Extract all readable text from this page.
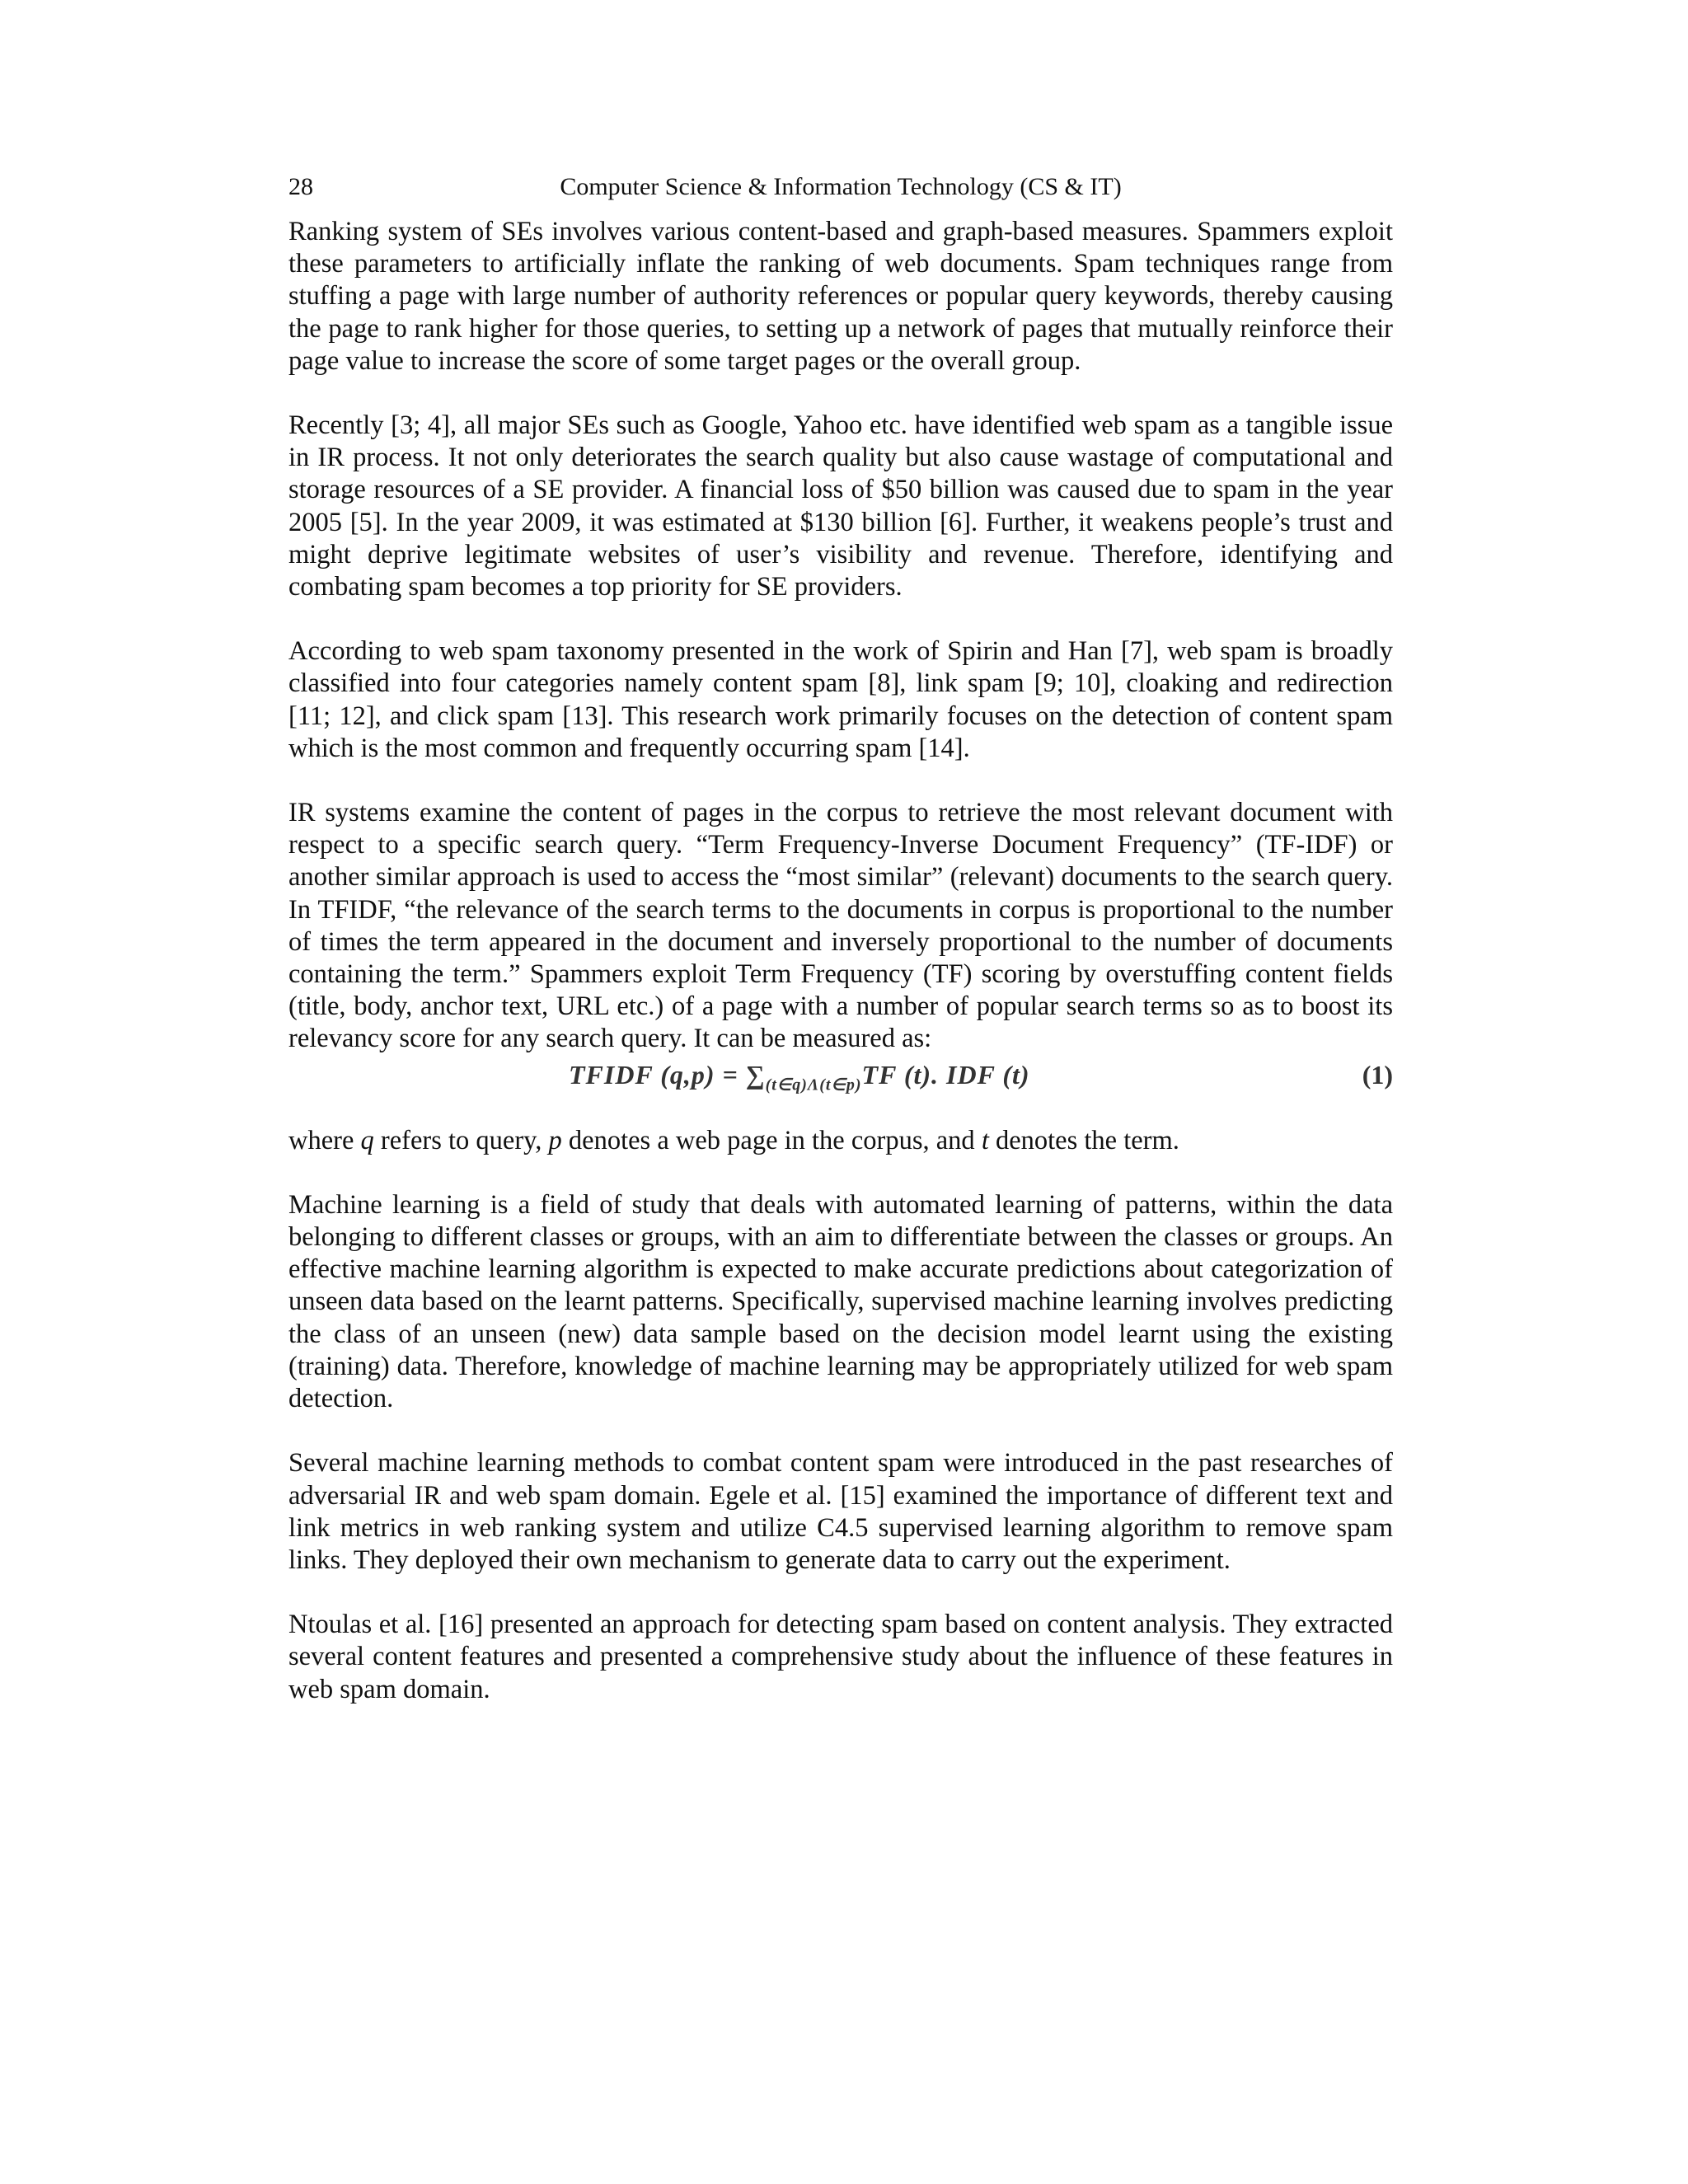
28	Computer Science & Information Technology (CS & IT)

Ranking system of SEs involves various content-based and graph-based measures. Spammers exploit these parameters to artificially inflate the ranking of web documents. Spam techniques range from stuffing a page with large number of authority references or popular query keywords, thereby causing the page to rank higher for those queries, to setting up a network of pages that mutually reinforce their page value to increase the score of some target pages or the overall group.

Recently [3; 4], all major SEs such as Google, Yahoo etc. have identified web spam as a tangible issue in IR process. It not only deteriorates the search quality but also cause wastage of computational and storage resources of a SE provider. A financial loss of $50 billion was caused due to spam in the year 2005 [5]. In the year 2009, it was estimated at $130 billion [6]. Further, it weakens people’s trust and might deprive legitimate websites of user’s visibility and revenue. Therefore, identifying and combating spam becomes a top priority for SE providers.

According to web spam taxonomy presented in the work of Spirin and Han [7], web spam is broadly classified into four categories namely content spam [8], link spam [9; 10], cloaking and redirection [11; 12], and click spam [13]. This research work primarily focuses on the detection of content spam which is the most common and frequently occurring spam [14].

IR systems examine the content of pages in the corpus to retrieve the most relevant document with respect to a specific search query. “Term Frequency-Inverse Document Frequency” (TF-IDF) or another similar approach is used to access the “most similar” (relevant) documents to the search query. In TFIDF, “the relevance of the search terms to the documents in corpus is proportional to the number of times the term appeared in the document and inversely proportional to the number of documents containing the term.” Spammers exploit Term Frequency (TF) scoring by overstuffing content fields (title, body, anchor text, URL etc.) of a page with a number of popular search terms so as to boost its relevancy score for any search query. It can be measured as:

TFIDF $(q,p) = \sum_{(t\in q)\Lambda(t\in p)}TF$ (t). IDF (t)	(1)
where q refers to query, p denotes a web page in the corpus, and t denotes the term.

Machine learning is a field of study that deals with automated learning of patterns, within the data belonging to different classes or groups, with an aim to differentiate between the classes or groups. An effective machine learning algorithm is expected to make accurate predictions about categorization of unseen data based on the learnt patterns. Specifically, supervised machine learning involves predicting the class of an unseen (new) data sample based on the decision model learnt using the existing (training) data. Therefore, knowledge of machine learning may be appropriately utilized for web spam detection.

Several machine learning methods to combat content spam were introduced in the past researches of adversarial IR and web spam domain. Egele et al. [15] examined the importance of different text and link metrics in web ranking system and utilize C4.5 supervised learning algorithm to remove spam links. They deployed their own mechanism to generate data to carry out the experiment.

Ntoulas et al. [16] presented an approach for detecting spam based on content analysis. They extracted several content features and presented a comprehensive study about the influence of these features in web spam domain.
